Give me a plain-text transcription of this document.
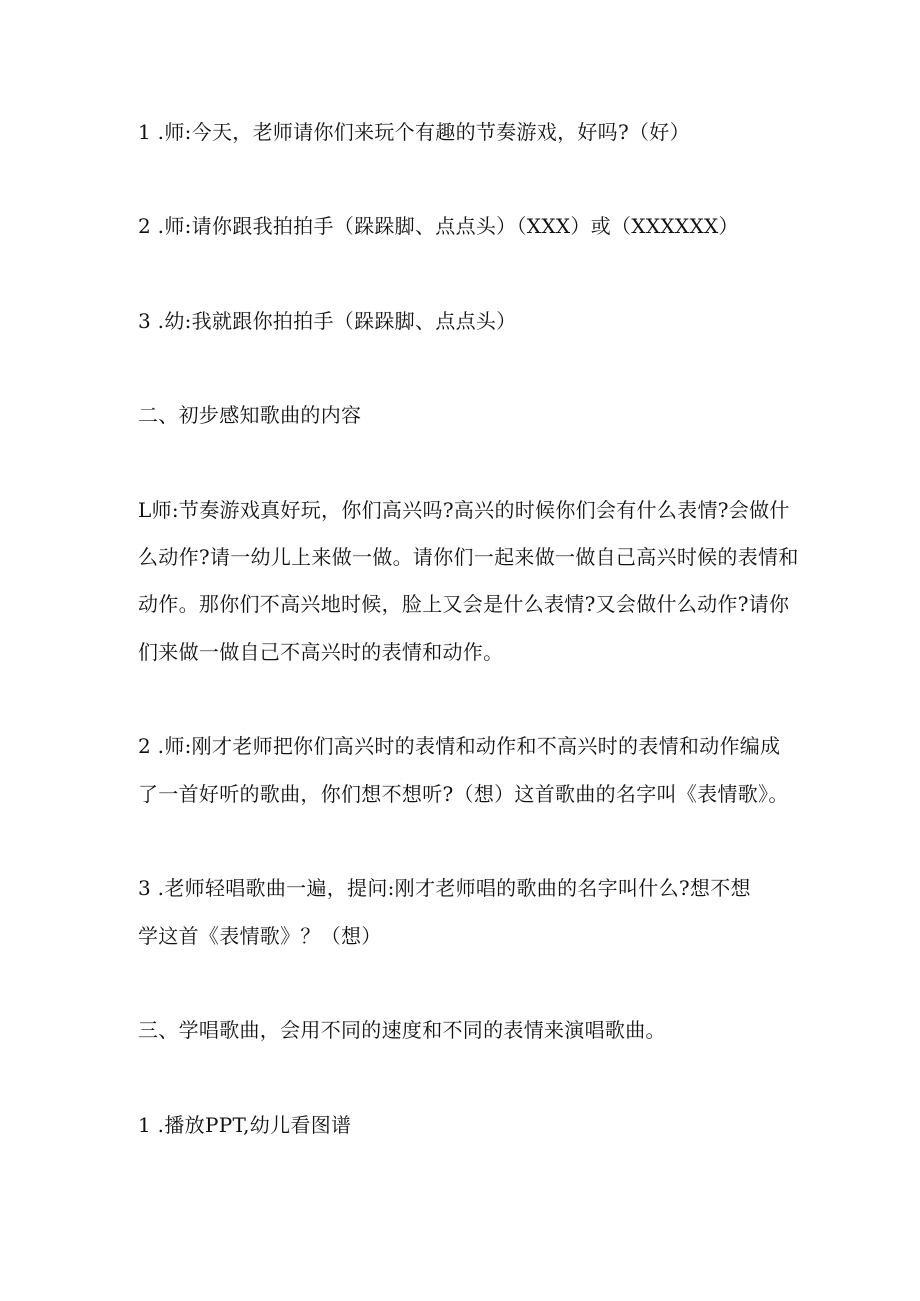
1 .师:今天，老师请你们来玩个有趣的节奏游戏，好吗?（好）
2 .师:请你跟我拍拍手（跺跺脚、点点头）（XXX）或（XXXXXX）
3 .幼:我就跟你拍拍手（跺跺脚、点点头）
二、初步感知歌曲的内容
L师:节奏游戏真好玩，你们高兴吗?高兴的时候你们会有什么表情?会做什
么动作?请一幼儿上来做一做。请你们一起来做一做自己高兴时候的表情和
动作。那你们不高兴地时候，脸上又会是什么表情?又会做什么动作?请你
们来做一做自己不高兴时的表情和动作。
2 .师:刚才老师把你们高兴时的表情和动作和不高兴时的表情和动作编成
了一首好听的歌曲，你们想不想听?（想）这首歌曲的名字叫《表情歌》。
3 .老师轻唱歌曲一遍，提问:刚才老师唱的歌曲的名字叫什么?想不想
学这首《表情歌》？（想）
三、学唱歌曲，会用不同的速度和不同的表情来演唱歌曲。
1 .播放PPT,幼儿看图谱
